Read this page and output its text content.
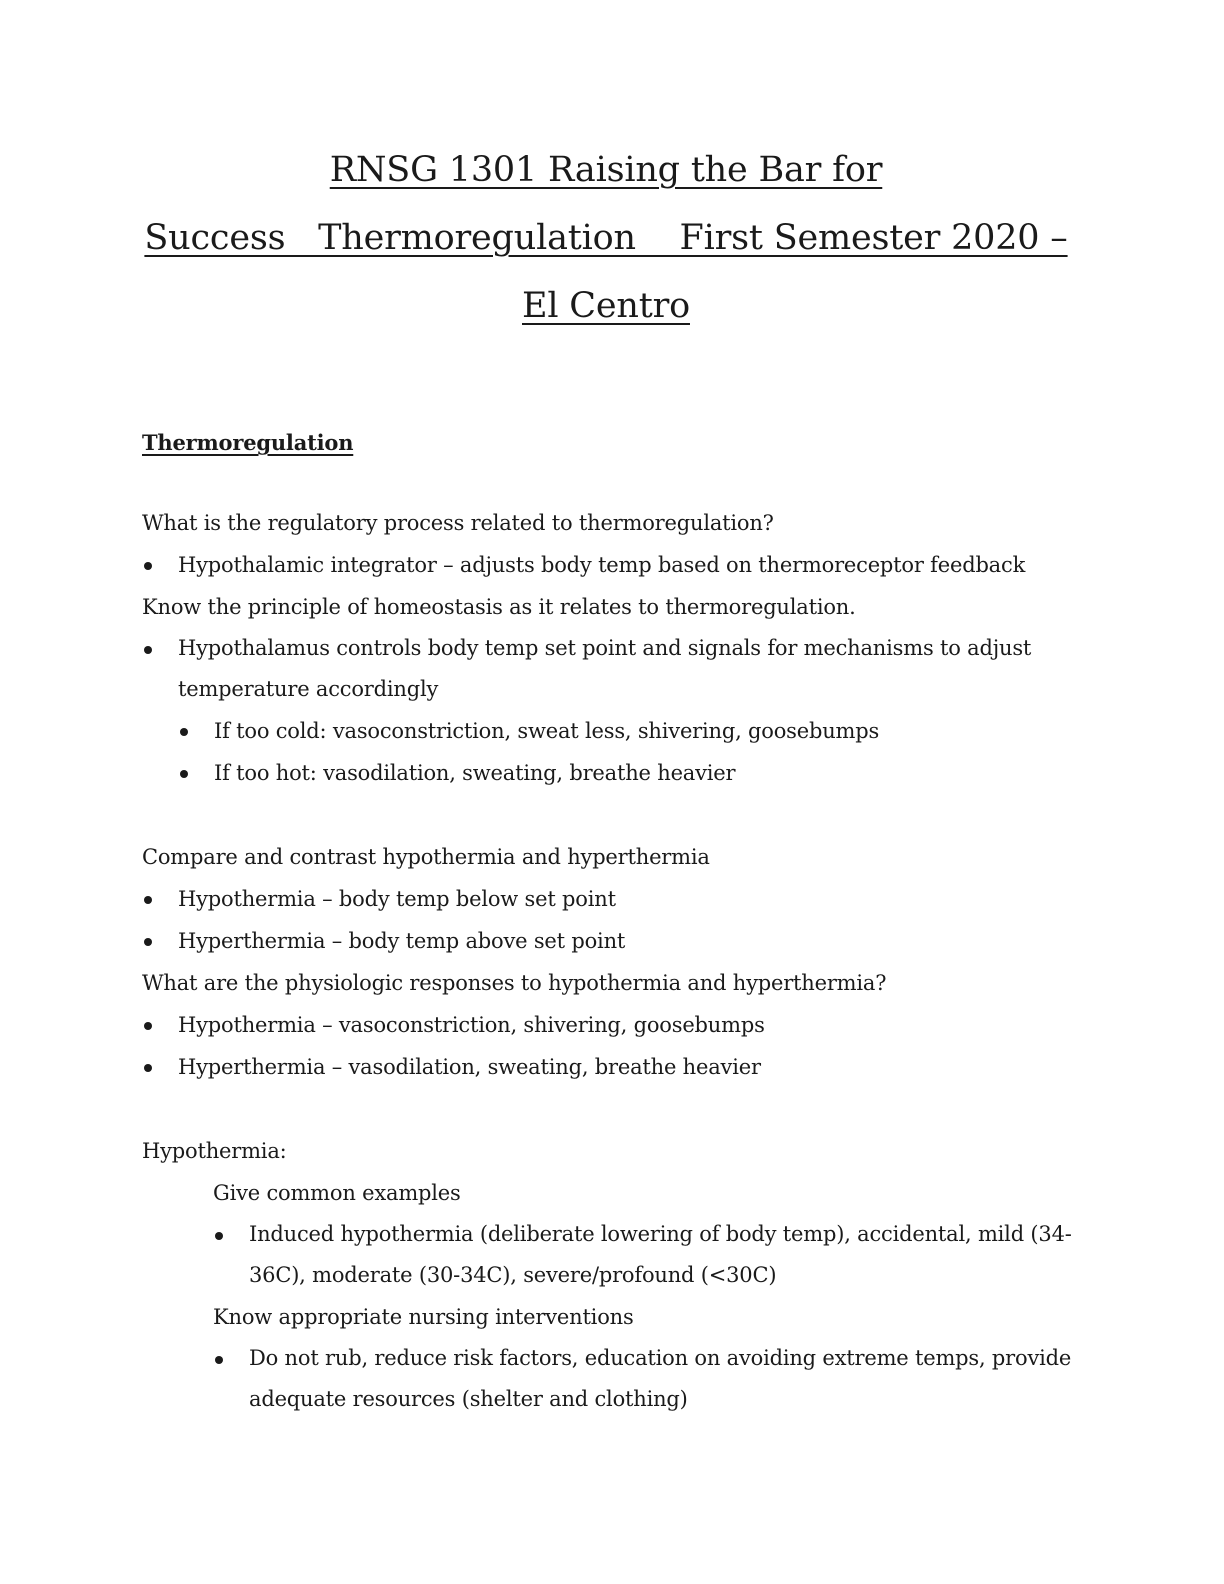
RNSG 1301 Raising the Bar for
Success   Thermoregulation    First Semester 2020 –
El Centro

Thermoregulation

What is the regulatory process related to thermoregulation?

Hypothalamic integrator – adjusts body temp based on thermoreceptor feedback

Know the principle of homeostasis as it relates to thermoregulation.

Hypothalamus controls body temp set point and signals for mechanisms to adjust temperature accordingly
If too cold: vasoconstriction, sweat less, shivering, goosebumps
If too hot: vasodilation, sweating, breathe heavier

Compare and contrast hypothermia and hyperthermia

Hypothermia – body temp below set point
Hyperthermia – body temp above set point

What are the physiologic responses to hypothermia and hyperthermia?

Hypothermia – vasoconstriction, shivering, goosebumps
Hyperthermia – vasodilation, sweating, breathe heavier

Hypothermia:

Give common examples

Induced hypothermia (deliberate lowering of body temp), accidental, mild (34-36C), moderate (30-34C), severe/profound (<30C)

Know appropriate nursing interventions

Do not rub, reduce risk factors, education on avoiding extreme temps, provide adequate resources (shelter and clothing)
